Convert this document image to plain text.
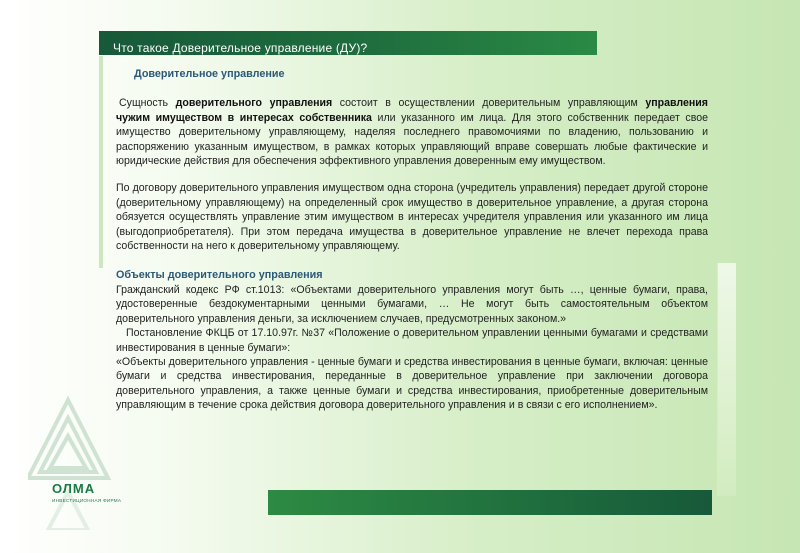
Что такое Доверительное управление (ДУ)?
Доверительное управление

Сущность доверительного управления состоит в осуществлении доверительным управляющим управления чужим имуществом в интересах собственника или указанного им лица. Для этого собственник передает свое имущество доверительному управляющему, наделяя последнего правомочиями по владению, пользованию и распоряжению указанным имуществом, в рамках которых управляющий вправе совершать любые фактические и юридические действия для обеспечения эффективного управления доверенным ему имуществом.

По договору доверительного управления имуществом одна сторона (учредитель управления) передает другой стороне (доверительному управляющему) на определенный срок имущество в доверительное управление, а другая сторона обязуется осуществлять управление этим имуществом в интересах учредителя управления или указанного им лица (выгодоприобретателя). При этом передача имущества в доверительное управление не влечет перехода права собственности на него к доверительному управляющему.

Объекты доверительного управления

Гражданский кодекс РФ ст.1013: «Объектами доверительного управления могут быть …, ценные бумаги, права, удостоверенные бездокументарными ценными бумагами, … Не могут быть самостоятельным объектом доверительного управления деньги, за исключением случаев, предусмотренных законом.»

Постановление ФКЦБ от 17.10.97г. №37 «Положение о доверительном управлении ценными бумагами и средствами инвестирования в ценные бумаги»:

«Объекты доверительного управления - ценные бумаги и средства инвестирования в ценные бумаги, включая: ценные бумаги и средства инвестирования, переданные в доверительное управление при заключении договора доверительного управления, а также ценные бумаги и средства инвестирования, приобретенные доверительным управляющим в течение срока действия договора доверительного управления и в связи с его исполнением».

ОЛМА
ИНВЕСТИЦИОННАЯ ФИРМА
